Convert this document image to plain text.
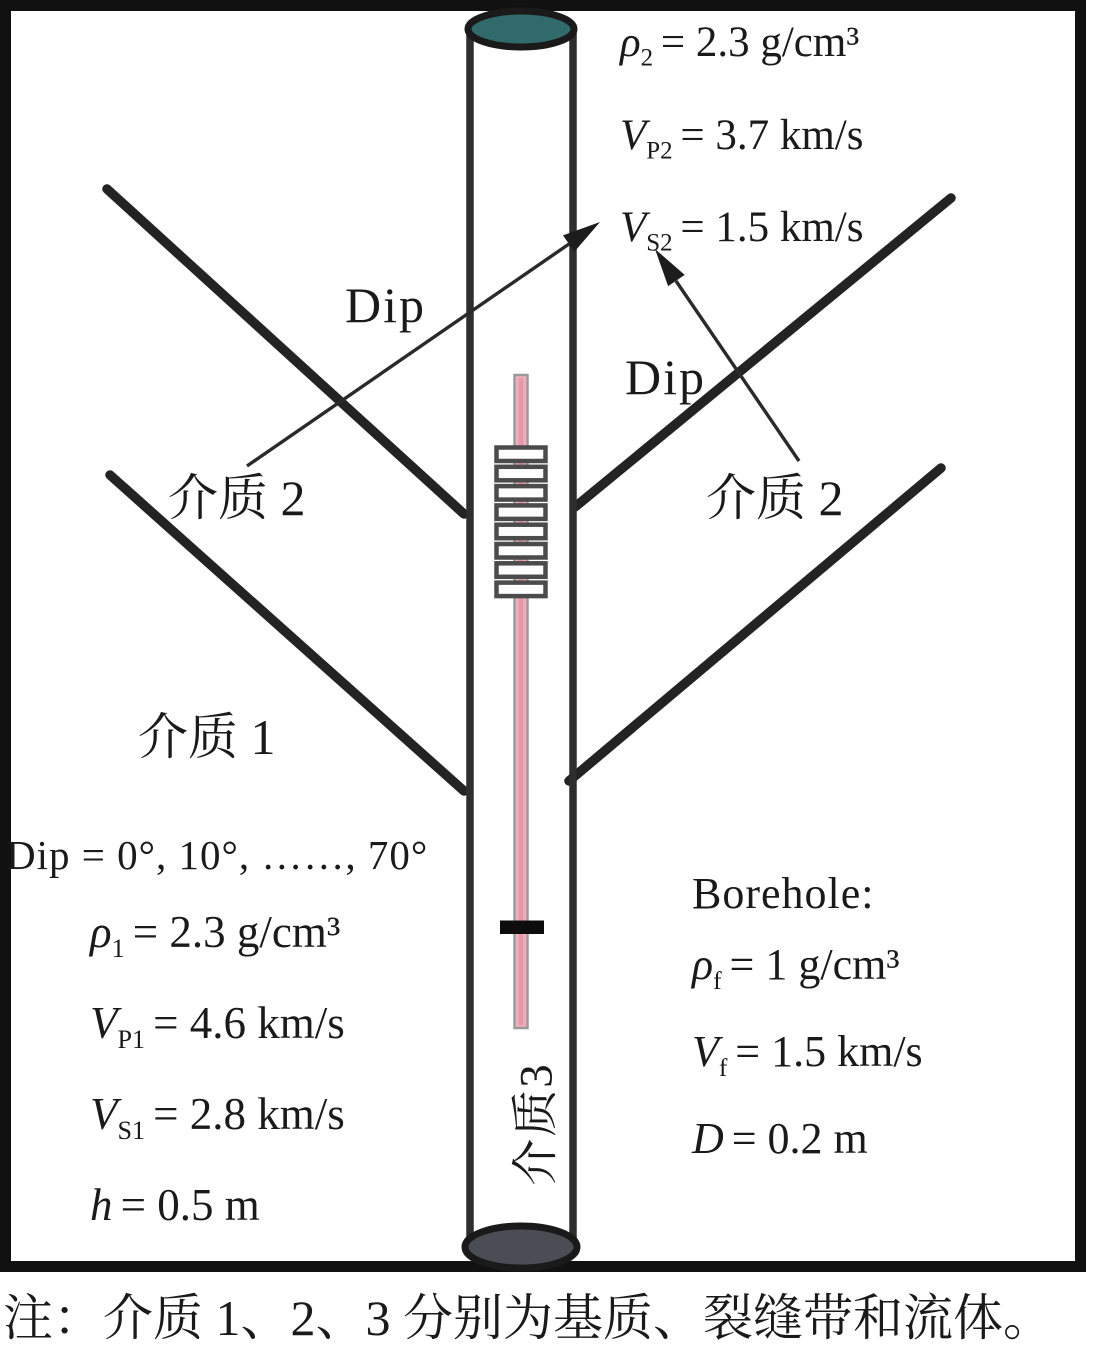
$\rho_2 = 2.3$ g/cm³
$V_{P2} = 3.7$ km/s
$V_{S2} = 1.5$ km/s
Dip
Dip
介质 2	介质 2
介质 1
介质3
Dip = 0°, 10°, ……, 70°
$\rho_1 = 2.3$ g/cm³
$V_{P1} = 4.6$ km/s
$V_{S1} = 2.8$ km/s
h = 0.5 m
Borehole:
$\rho_f = 1$ g/cm³
$V_f = 1.5$ km/s
D = 0.2 m
注：介质 1、2、3 分别为基质、裂缝带和流体。
